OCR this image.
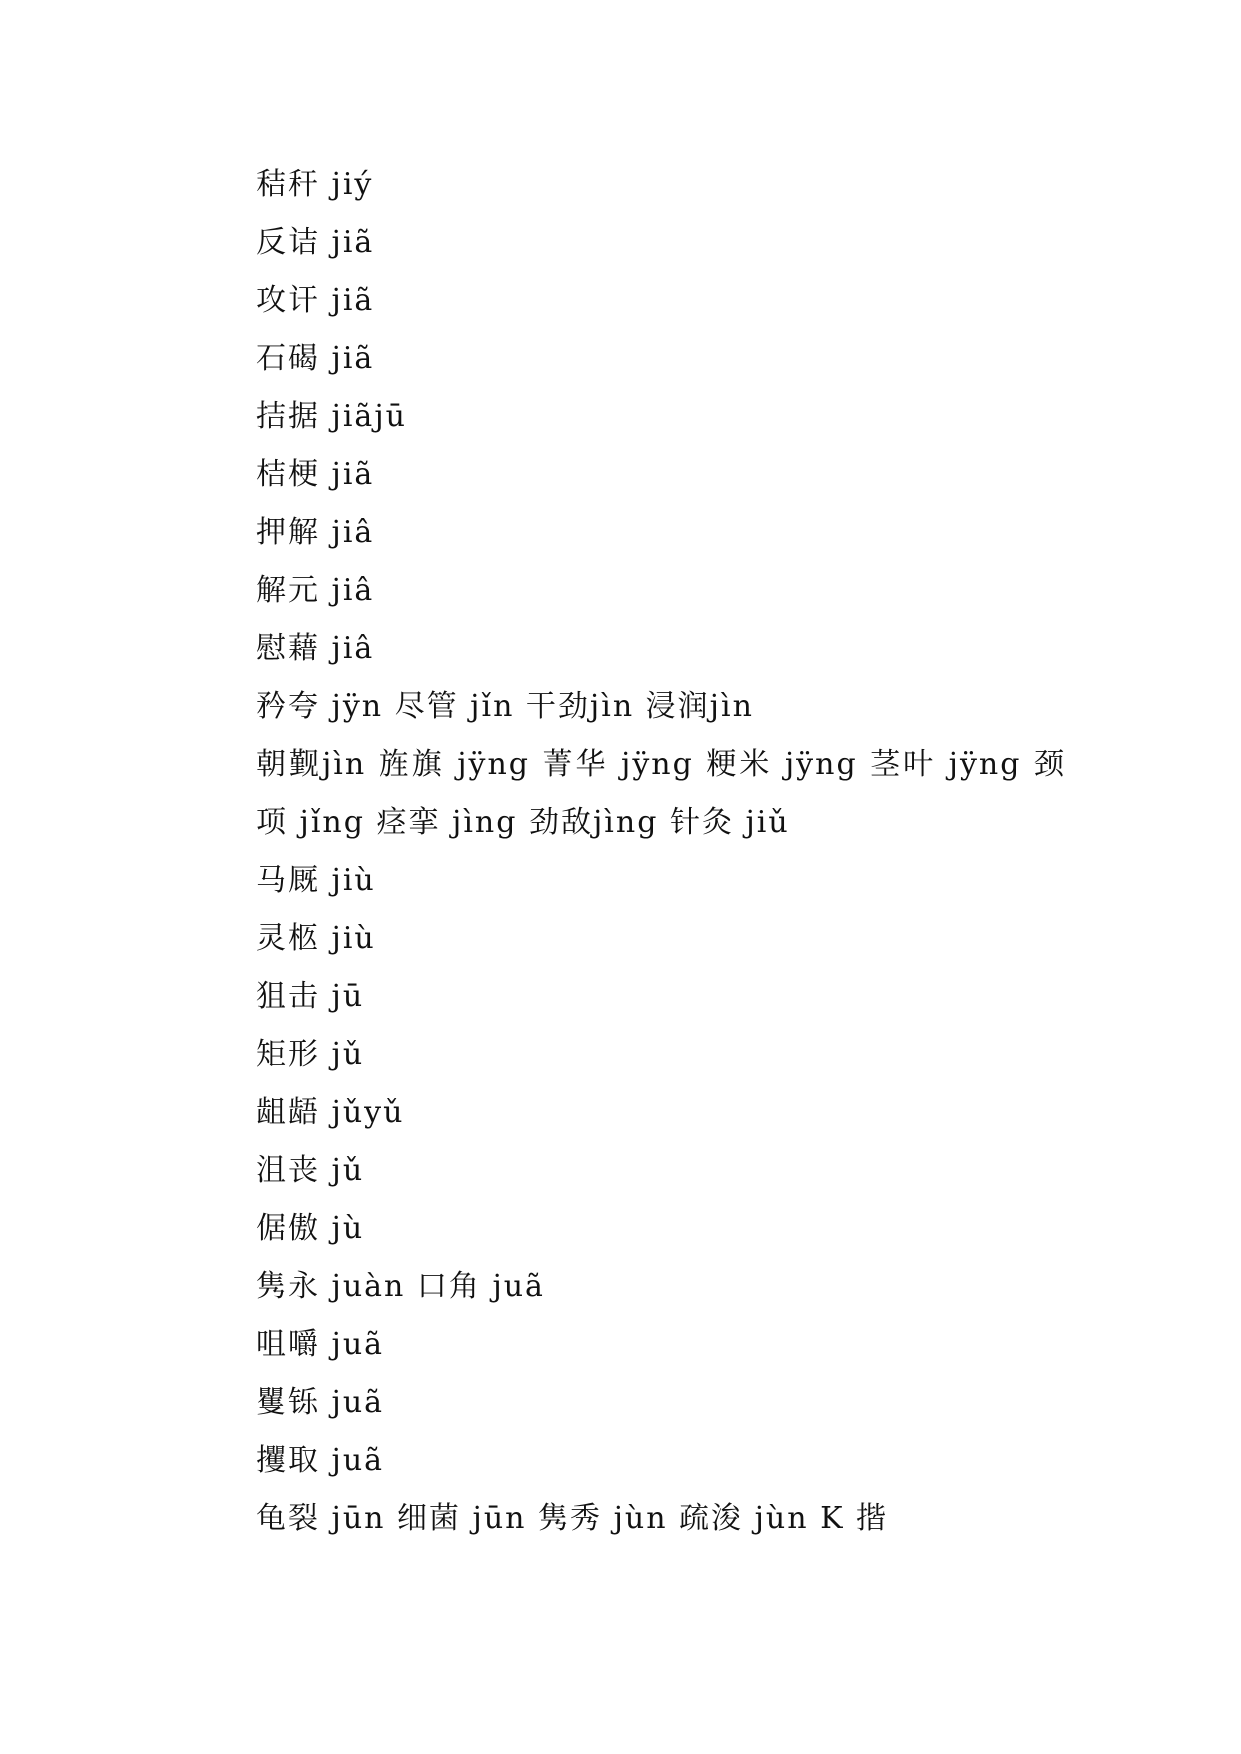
秸秆 jiý

反诘 jiã

攻讦 jiã

石碣 jiã

拮据 jiãjū

桔梗 jiã

押解 jiâ

解元 jiâ

慰藉 jiâ

矜夸 jÿn 尽管 jǐn 干劲jìn 浸润jìn

朝觐jìn 旌旗 jÿng 菁华 jÿng 粳米 jÿng 茎叶 jÿng 颈项 jǐng 痉挛 jìng 劲敌jìng 针灸 jiǔ

马厩 jiù

灵柩 jiù

狙击 jū

矩形 jǔ

龃龉 jǔyǔ

沮丧 jǔ

倨傲 jù

隽永 juàn 口角 juã

咀嚼 juã

矍铄 juã

攫取 juã

龟裂 jūn 细菌 jūn 隽秀 jùn 疏浚 jùn K 揩
